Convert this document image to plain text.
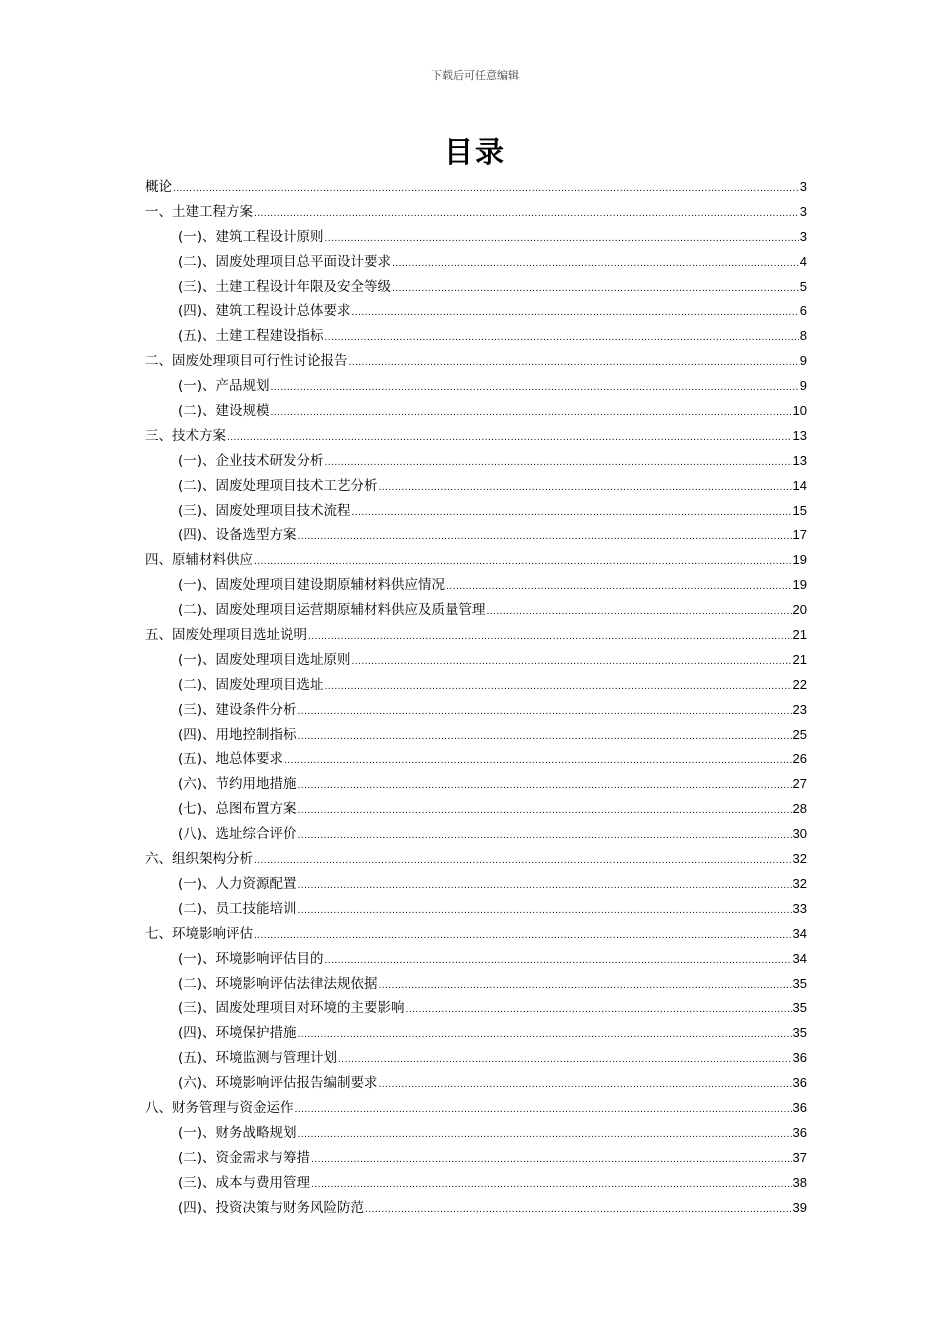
下载后可任意编辑
目录
概论 .....	3
一、土建工程方案 .....	3
(一)、建筑工程设计原则 .....	3
(二)、固废处理项目总平面设计要求 .....	4
(三)、土建工程设计年限及安全等级 .....	5
(四)、建筑工程设计总体要求 .....	6
(五)、土建工程建设指标 .....	8
二、固废处理项目可行性讨论报告 .....	9
(一)、产品规划 .....	9
(二)、建设规模 .....	10
三、技术方案 .....	13
(一)、企业技术研发分析 .....	13
(二)、固废处理项目技术工艺分析 .....	14
(三)、固废处理项目技术流程 .....	15
(四)、设备选型方案 .....	17
四、原辅材料供应 .....	19
(一)、固废处理项目建设期原辅材料供应情况 .....	19
(二)、固废处理项目运营期原辅材料供应及质量管理 .....	20
五、固废处理项目选址说明 .....	21
(一)、固废处理项目选址原则 .....	21
(二)、固废处理项目选址 .....	22
(三)、建设条件分析 .....	23
(四)、用地控制指标 .....	25
(五)、地总体要求 .....	26
(六)、节约用地措施 .....	27
(七)、总图布置方案 .....	28
(八)、选址综合评价 .....	30
六、组织架构分析 .....	32
(一)、人力资源配置 .....	32
(二)、员工技能培训 .....	33
七、环境影响评估 .....	34
(一)、环境影响评估目的 .....	34
(二)、环境影响评估法律法规依据 .....	35
(三)、固废处理项目对环境的主要影响 .....	35
(四)、环境保护措施 .....	35
(五)、环境监测与管理计划 .....	36
(六)、环境影响评估报告编制要求 .....	36
八、财务管理与资金运作 .....	36
(一)、财务战略规划 .....	36
(二)、资金需求与筹措 .....	37
(三)、成本与费用管理 .....	38
(四)、投资决策与财务风险防范 .....	39
